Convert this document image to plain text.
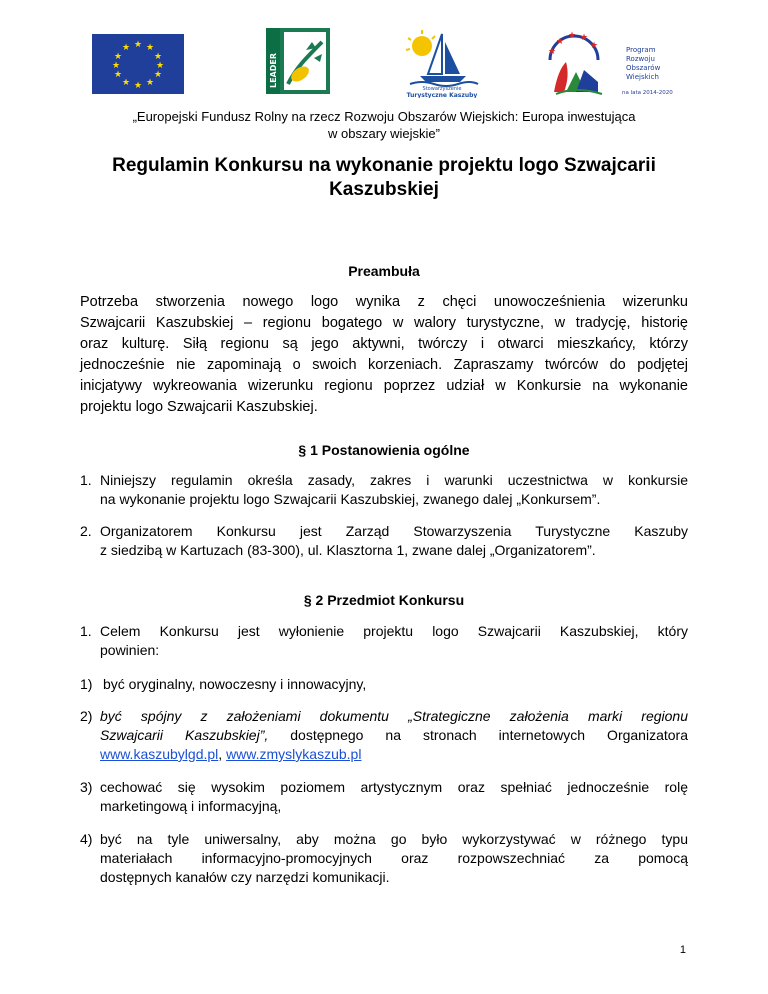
★ ★
★
★
★
★
★
★
★
★
★
★
LEADER
Stowarzyszenie
Turystyczne Kaszuby
★
★
★ ★
★	Program
Rozwoju
Obszarów
Wiejskich
na lata 2014-2020
„Europejski Fundusz Rolny na rzecz Rozwoju Obszarów Wiejskich: Europa inwestująca
w obszary wiejskie”
Regulamin Konkursu na wykonanie projektu logo Szwajcarii
Kaszubskiej
Preambuła
Potrzeba stworzenia nowego logo wynika z chęci unowocześnienia wizerunku
Szwajcarii Kaszubskiej – regionu bogatego w walory turystyczne, w tradycję, historię
oraz kulturę. Siłą regionu są jego aktywni, twórczy i otwarci mieszkańcy, którzy
jednocześnie nie zapominają o swoich korzeniach. Zapraszamy twórców do podjętej
inicjatywy wykreowania wizerunku regionu poprzez udział w Konkursie na wykonanie
projektu logo Szwajcarii Kaszubskiej.
§ 1 Postanowienia ogólne
1. Niniejszy regulamin określa zasady, zakres i warunki uczestnictwa w konkursie
na wykonanie projektu logo Szwajcarii Kaszubskiej, zwanego dalej „Konkursem”.
2. Organizatorem Konkursu jest Zarząd Stowarzyszenia Turystyczne Kaszuby
z siedzibą w Kartuzach (83-300), ul. Klasztorna 1, zwane dalej „Organizatorem”.
§ 2 Przedmiot Konkursu
1. Celem Konkursu jest wyłonienie projektu logo Szwajcarii Kaszubskiej, który
powinien:
1) być oryginalny, nowoczesny i innowacyjny,
2) być spójny z założeniami dokumentu „Strategiczne założenia marki regionu
Szwajcarii Kaszubskiej”, dostępnego na stronach internetowych Organizatora
www.kaszubylgd.pl, www.zmyslykaszub.pl
3) cechować się wysokim poziomem artystycznym oraz spełniać jednocześnie rolę
marketingową i informacyjną,
4) być na tyle uniwersalny, aby można go było wykorzystywać w różnego typu
materiałach informacyjno-promocyjnych oraz rozpowszechniać za pomocą
dostępnych kanałów czy narzędzi komunikacji.
1
